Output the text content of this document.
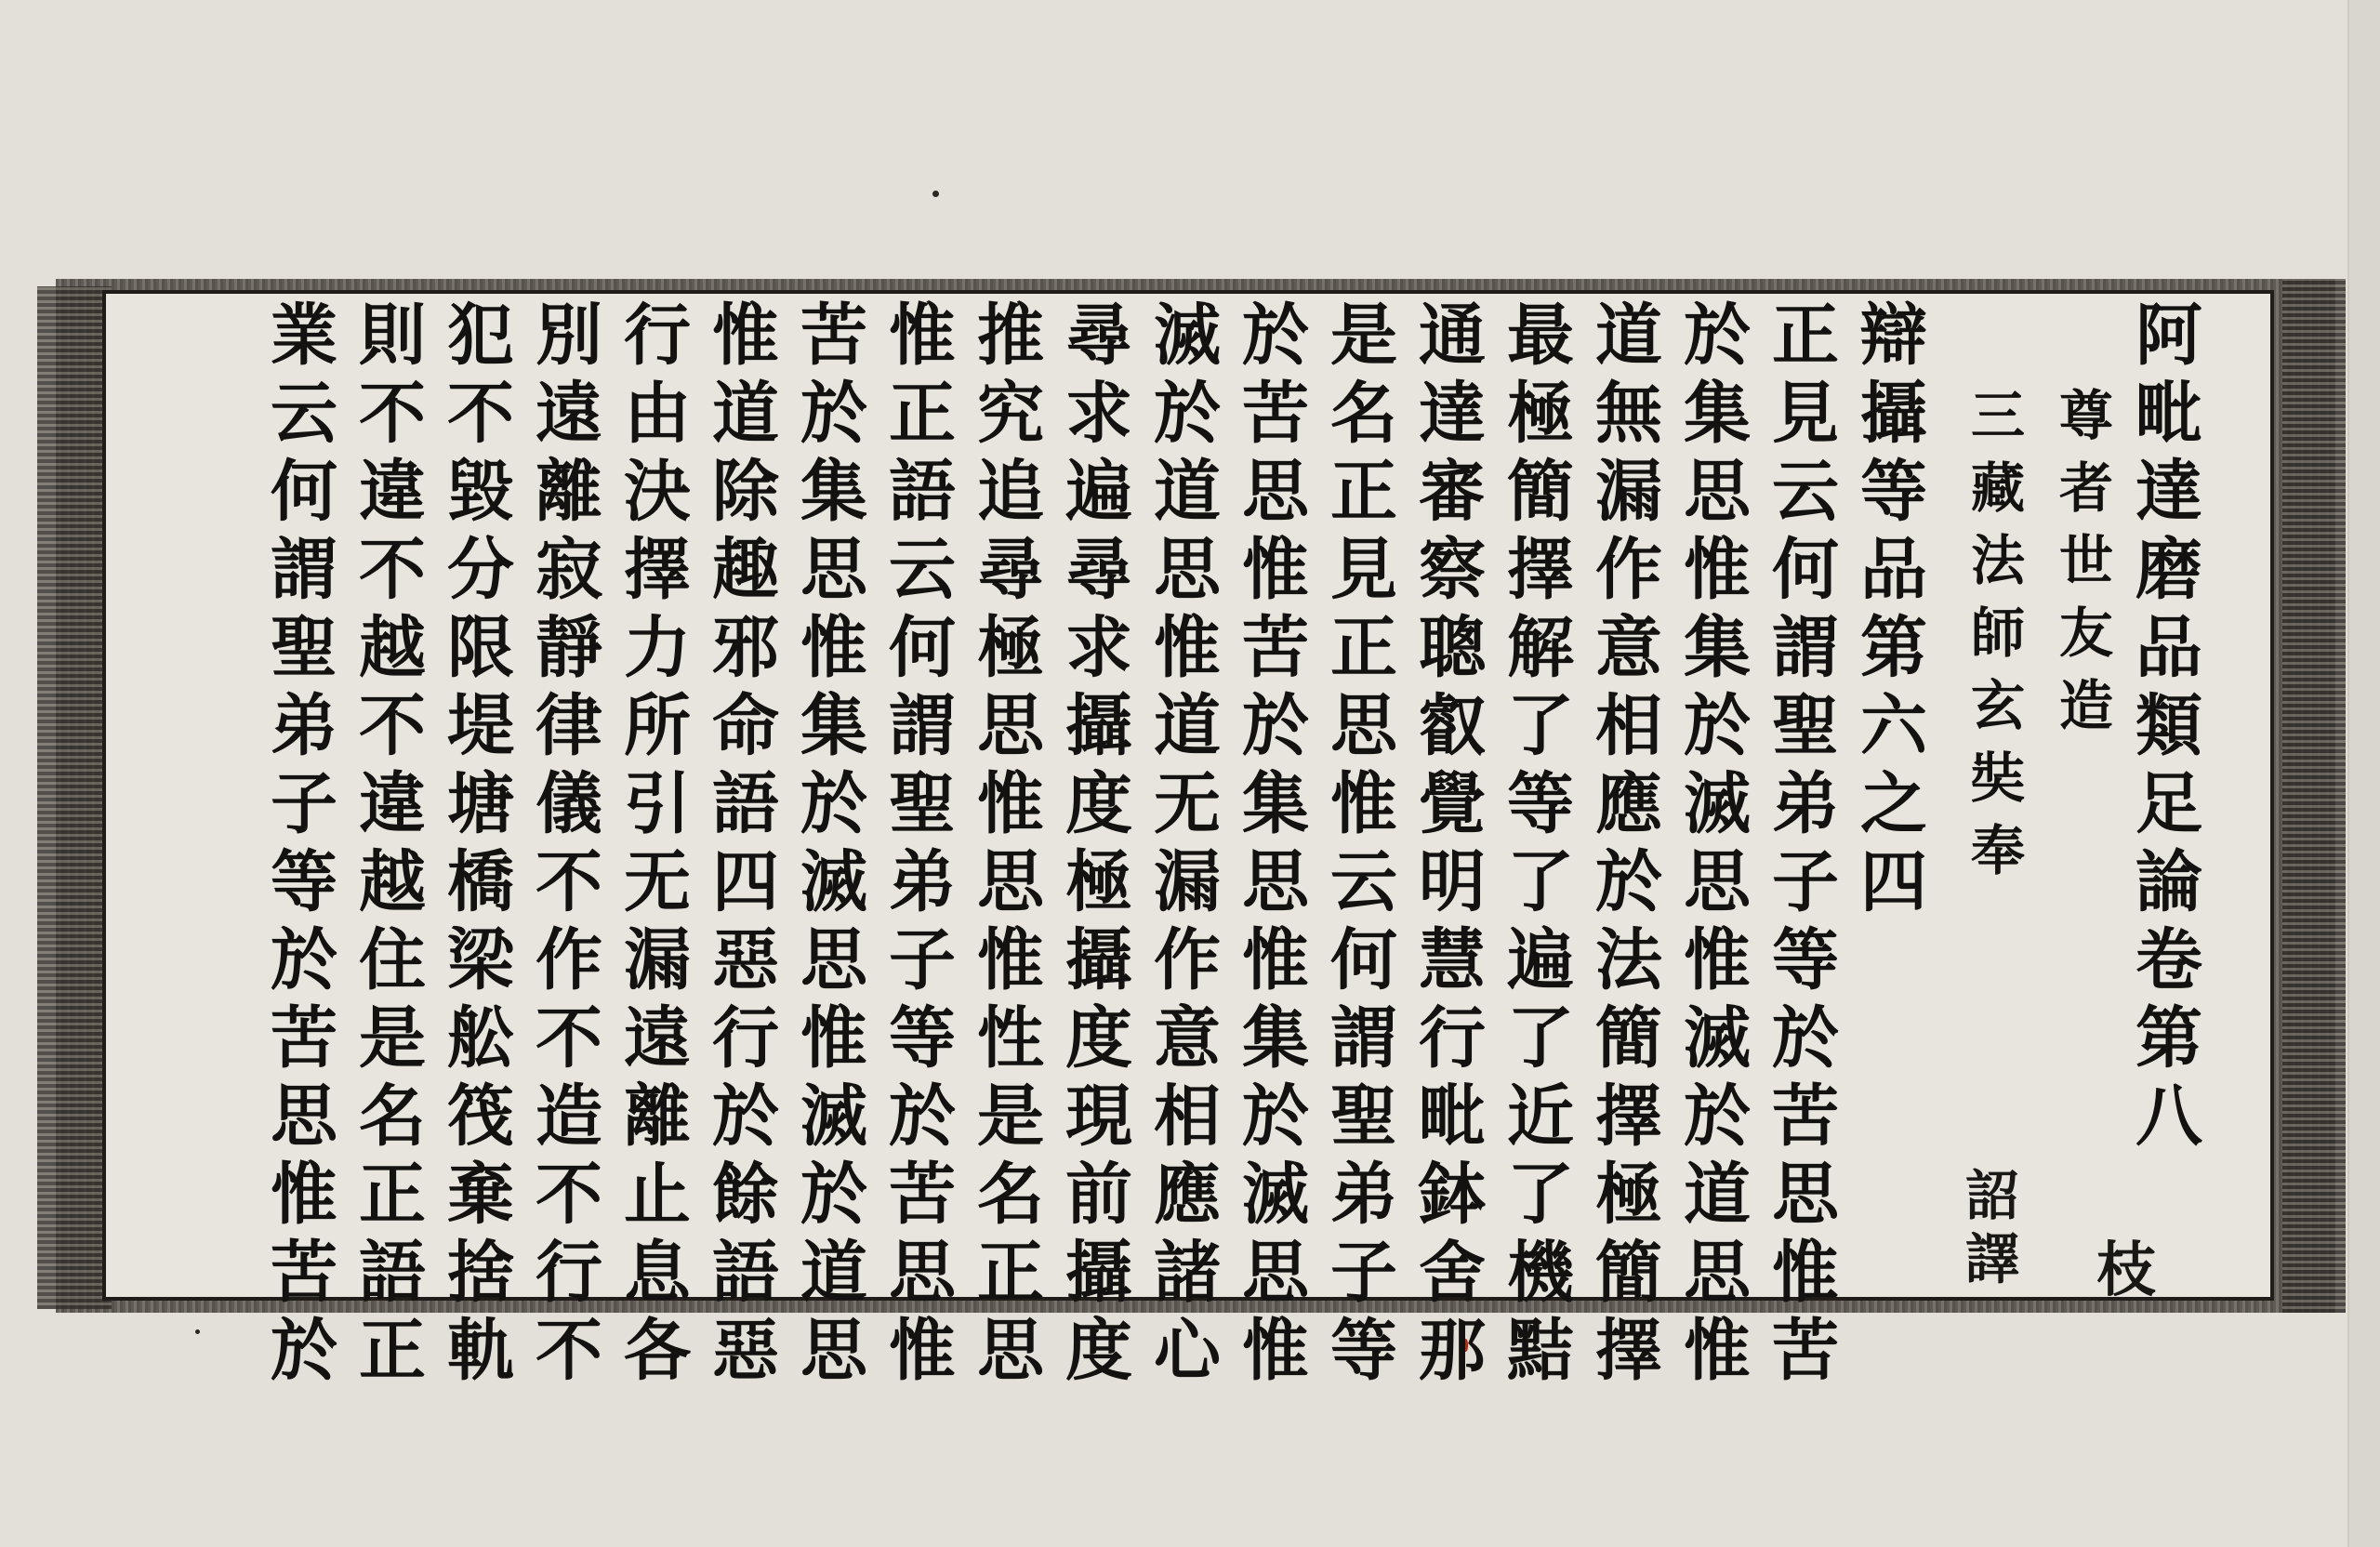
阿毗達磨品類足論卷第八
尊者世友造
三藏法師玄奘奉
辯攝等品第六之四
正見云何謂聖弟子等於苦思惟苦
於集思惟集於滅思惟滅於道思惟
道無漏作意相應於法簡擇極簡擇
最極簡擇解了等了遍了近了機黠
通達審察聰叡覺明慧行毗鉢舍那
是名正見正思惟云何謂聖弟子等
於苦思惟苦於集思惟集於滅思惟
滅於道思惟道无漏作意相應諸心
尋求遍尋求攝度極攝度現前攝度
推究追尋極思惟思惟性是名正思
惟正語云何謂聖弟子等於苦思惟
苦於集思惟集於滅思惟滅於道思
惟道除趣邪命語四惡行於餘語惡
行由決擇力所引无漏遠離止息各
別遠離寂靜律儀不作不造不行不
犯不毀分限堤塘橋梁舩筏棄捨軌
則不違不越不違越住是名正語正
業云何謂聖弟子等於苦思惟苦於	詔譯 枝
